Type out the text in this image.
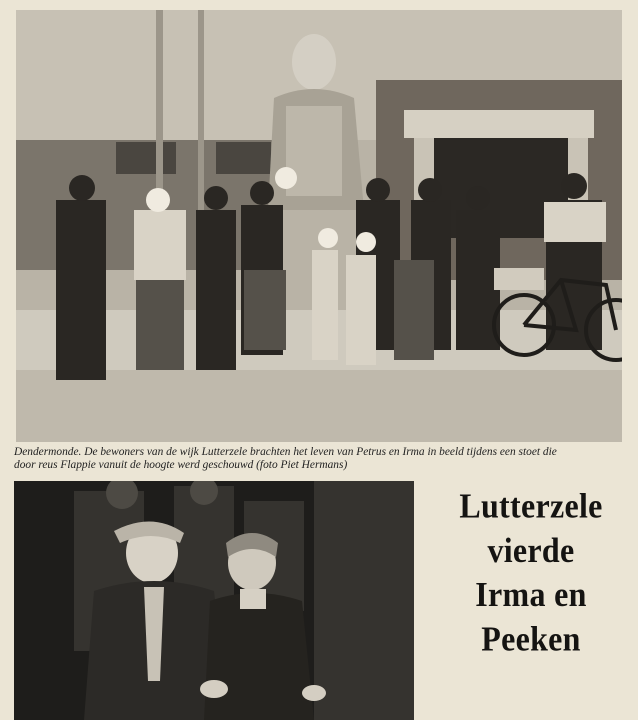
Dendermonde. De bewoners van de wijk Lutterzele brachten het leven van Petrus en Irma in beeld tijdens een stoet die
door reus Flappie vanuit de hoogte werd geschouwd (foto Piet Hermans)
Lutterzele
vierde
Irma en
Peeken
